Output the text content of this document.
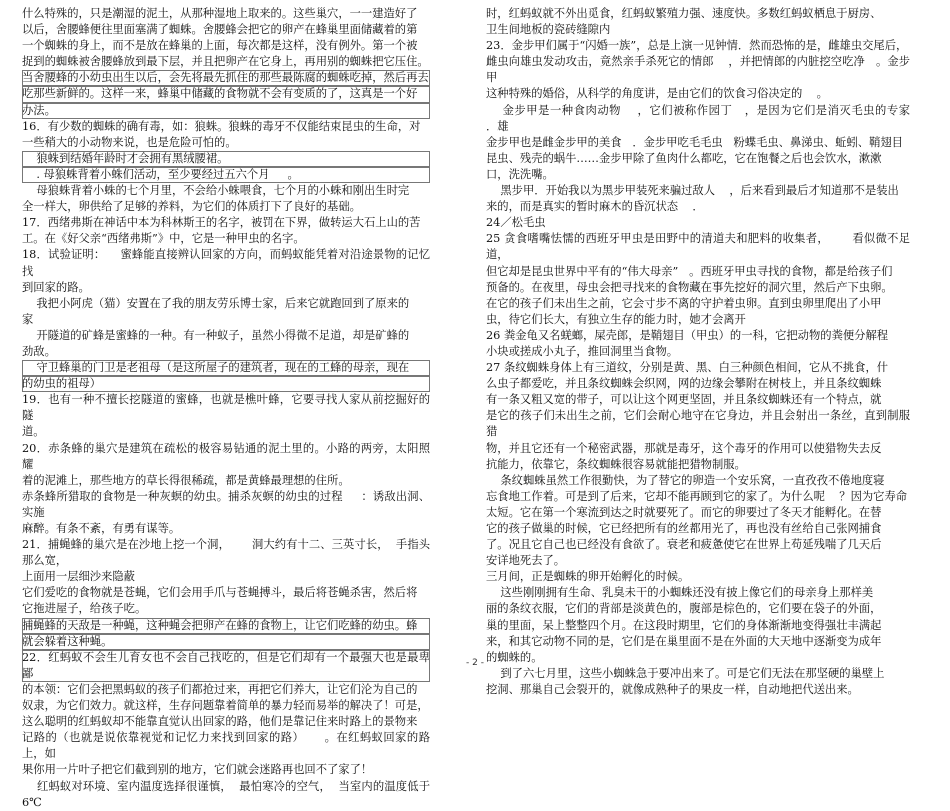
什么特殊的，只是潮湿的泥土，从那种湿地上取来的。这些巢穴，一一建造好了

以后，舍腰蜂便往里面塞满了蜘蛛。舍腰蜂会把它的卵产在蜂巢里面储藏着的第

一个蜘蛛的身上，而不是放在蜂巢的上面，每次都是这样，没有例外。第一个被

捉到的蜘蛛被舍腰蜂放到最下层，并且把卵产在它身上，再用别的蜘蛛把它压住。

当舍腰蜂的小幼虫出生以后，会先将最先抓住的那些最陈腐的蜘蛛吃掉，然后再去

吃那些新鲜的。这样一来，蜂巢中储藏的食物就不会有变质的了，这真是一个好

办法。

16．有少数的蜘蛛的确有毒，如：狼蛛。狼蛛的毒牙不仅能结束昆虫的生命，对

一些稍大的小动物来说，也是危险可怕的。

狼蛛到结婚年龄时才会拥有黑绒腰裙。

. 母狼蛛背着小蛛们活动，至少要经过五六个月     。

母狼蛛背着小蛛的七个月里，不会给小蛛喂食，七个月的小蛛和刚出生时完

全一样大，卵供给了足够的养料，为它们的体质打下了良好的基础。

17．西绪弗斯在神话中本为科林斯王的名字，被罚在下界，做转运大石上山的苦

工。在《好父亲“西绪弗斯”》中，它是一种甲虫的名字。

18．试验证明：    蜜蜂能直接辨认回家的方向，而蚂蚁能凭着对沿途景物的记忆找

到回家的路。

我把小阿虎（猫）安置在了我的朋友劳乐博士家，后来它就跑回到了原来的

家

开隧道的矿蜂是蜜蜂的一种。有一种蚁子，虽然小得微不足道，却是矿蜂的

劲敌。

守卫蜂巢的门卫是老祖母（是这所屋子的建筑者，现在的工蜂的母亲，现在

的幼虫的祖母）

19．也有一种不擅长挖隧道的蜜蜂，也就是樵叶蜂，它要寻找人家从前挖掘好的隧

道。

20．赤条蜂的巢穴是建筑在疏松的极容易钻通的泥土里的。小路的两旁，太阳照耀

着的泥滩上，那些地方的草长得很稀疏，都是黄蜂最理想的住所。

赤条蜂所猎取的食物是一种灰螟的幼虫。捕杀灰螟的幼虫的过程     ：诱敌出洞、实施

麻醉。有条不紊，有勇有谋等。

21．捕蝇蜂的巢穴是在沙地上挖一个洞，      洞大约有十二、三英寸长，  手指头那么宽，

上面用一层细沙来隐蔽

它们爱吃的食物就是苍蝇，它们会用手爪与苍蝇搏斗，最后将苍蝇杀害，然后将

它拖进屋子，给孩子吃。

捕蝇蜂的天敌是一种蝇，这种蝇会把卵产在蜂的食物上，让它们吃蜂的幼虫。蜂

就会躲着这种蝇。

22．红蚂蚁不会生儿育女也不会自己找吃的，但是它们却有一个最强大也是最卑鄙

的本领：它们会把黑蚂蚁的孩子们都抢过来，再把它们养大，让它们沦为自己的

奴隶，为它们效力。就这样，生存问题靠着简单的暴力轻而易举的解决了！可是，

这么聪明的红蚂蚁却不能靠直觉认出回家的路，他们是靠记住来时路上的景物来

记路的（也就是说依靠视觉和记忆力来找到回家的路）     。在红蚂蚁回家的路上，如

果你用一片叶子把它们截到别的地方，它们就会迷路再也回不了家了！

红蚂蚁对环境、室内温度选择很谨慎，  最怕寒冷的空气，  当室内的温度低于    6℃

时，红蚂蚁就不外出觅食，红蚂蚁繁殖力强、速度快。多数红蚂蚁栖息于厨房、

卫生间地板的瓷砖缝隙内

23．金步甲们属于“闪婚一族”，总是上演一见钟情．然而恐怖的是，雌雄虫交尾后，

雌虫向雄虫发动攻击，竟然亲手杀死它的情郎    ，并把情郎的内脏挖空吃净   。金步甲

这种特殊的婚俗，从科学的角度讲，是由它们的饮食习俗决定的    。

金步甲是一种食肉动物    ，它们被称作园丁   ，是因为它们是消灭毛虫的专家    ．雄

金步甲也是雌金步甲的美食   ．金步甲吃毛毛虫   粉蝶毛虫、鼻涕虫、蚯蚓、鞘翅目

昆虫、残壳的蜗牛……金步甲除了鱼肉什么都吃，它在饱餐之后也会饮水，漱漱

口，洗洗嘴。

黑步甲．开始我以为黑步甲装死来骗过敌人    ，后来看到最后才知道那不是装出

来的，而是真实的暂时麻木的昏沉状态    ．

24／松毛虫

25 贪食嗜嘴怯懦的西班牙甲虫是田野中的清道夫和肥料的收集者，      看似微不足道，

但它却是昆虫世界中平有的“伟大母亲”   。西班牙甲虫寻找的食物，都是给孩子们

预备的。在夜里，母虫会把寻找来的食物藏在事先挖好的洞穴里，然后产下虫卵。

在它的孩子们未出生之前，它会寸步不离的守护着虫卵。直到虫卵里爬出了小甲

虫，待它们长大，有独立生存的能力时，她才会离开

26 粪金龟又名蜣螂，屎壳郎，是鞘翅目（甲虫）的一科，它把动物的粪便分解程

小块或搓成小丸子，推回洞里当食物。

27 条纹蜘蛛身体上有三道纹，分别是黄、黑、白三种颜色相间，它从不挑食，什

么虫子都爱吃，并且条纹蜘蛛会织网，网的边缘会攀附在树枝上，并且条纹蜘蛛

有一条又粗又宽的带子，可以让这个网更坚固，并且条纹蜘蛛还有一个特点，就

是它的孩子们未出生之前，它们会耐心地守在它身边，并且会射出一条丝，直到制服猎

物，并且它还有一个秘密武器，那就是毒牙，这个毒牙的作用可以使猎物失去反

抗能力，依靠它，条纹蜘蛛很容易就能把猎物制服。

条纹蜘蛛虽然工作很勤快，为了替它的卵造一个安乐窝，一直孜孜不倦地度寝

忘食地工作着。可是到了后来，它却不能再顾到它的家了。为什么呢    ？因为它寿命

太短。它在第一个寒流到达之时就要死了。而它的卵要过了冬天才能孵化。在替

它的孩子做巢的时候，它已经把所有的丝都用光了，再也没有丝给自己张网捕食

了。况且它自己也已经没有食欲了。衰老和疲惫使它在世界上苟延残喘了几天后

安详地死去了。

三月间，正是蜘蛛的卵开始孵化的时候。

这些刚刚拥有生命、乳臭未干的小蜘蛛还没有披上像它们的母亲身上那样美

丽的条纹衣服，它们的背部是淡黄色的，腹部是棕色的，它们要在袋子的外面，

巢的里面，呆上整整四个月。在这段时期里，它们的身体渐渐地变得强壮丰满起

来，和其它动物不同的是，它们是在巢里面不是在外面的大天地中逐渐变为成年

的蜘蛛的。

到了六七月里，这些小蜘蛛急于要冲出来了。可是它们无法在那坚硬的巢壁上

挖洞、那巢自己会裂开的，就像成熟种子的果皮一样，自动地把代送出来。

- 2 -
